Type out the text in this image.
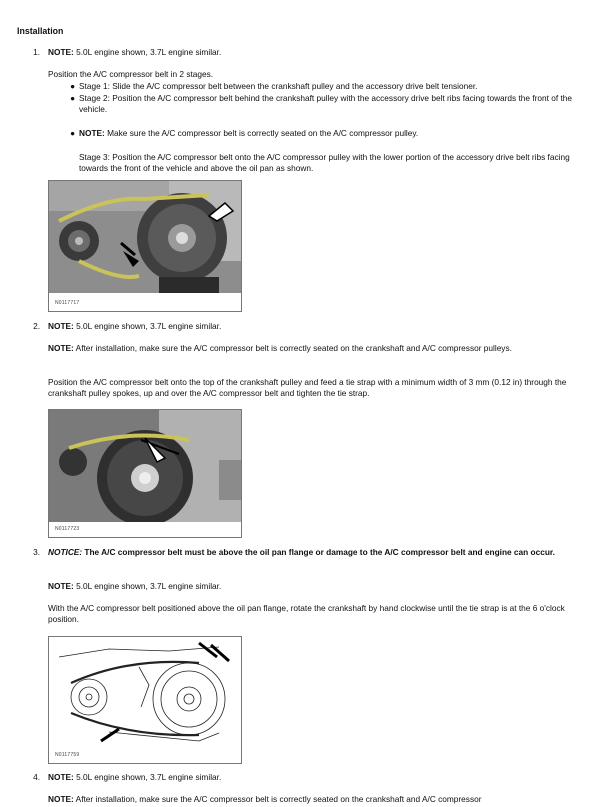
Installation
1. NOTE: 5.0L engine shown, 3.7L engine similar.
Position the A/C compressor belt in 2 stages.
● Stage 1: Slide the A/C compressor belt between the crankshaft pulley and the accessory drive belt tensioner.
● Stage 2: Position the A/C compressor belt behind the crankshaft pulley with the accessory drive belt ribs facing towards the front of the vehicle.
● NOTE: Make sure the A/C compressor belt is correctly seated on the A/C compressor pulley.
Stage 3: Position the A/C compressor belt onto the A/C compressor pulley with the lower portion of the accessory drive belt ribs facing towards the front of the vehicle and above the oil pan as shown.
N0117717
2. NOTE: 5.0L engine shown, 3.7L engine similar.
NOTE: After installation, make sure the A/C compressor belt is correctly seated on the crankshaft and A/C compressor pulleys.
Position the A/C compressor belt onto the top of the crankshaft pulley and feed a tie strap with a minimum width of 3 mm (0.12 in) through the crankshaft pulley spokes, up and over the A/C compressor belt and tighten the tie strap.
N0117723
3. NOTICE: The A/C compressor belt must be above the oil pan flange or damage to the A/C compressor belt and engine can occur.
NOTE: 5.0L engine shown, 3.7L engine similar.
With the A/C compressor belt positioned above the oil pan flange, rotate the crankshaft by hand clockwise until the tie strap is at the 6 o'clock position.
N0117759
4. NOTE: 5.0L engine shown, 3.7L engine similar.
NOTE: After installation, make sure the A/C compressor belt is correctly seated on the crankshaft and A/C compressor
